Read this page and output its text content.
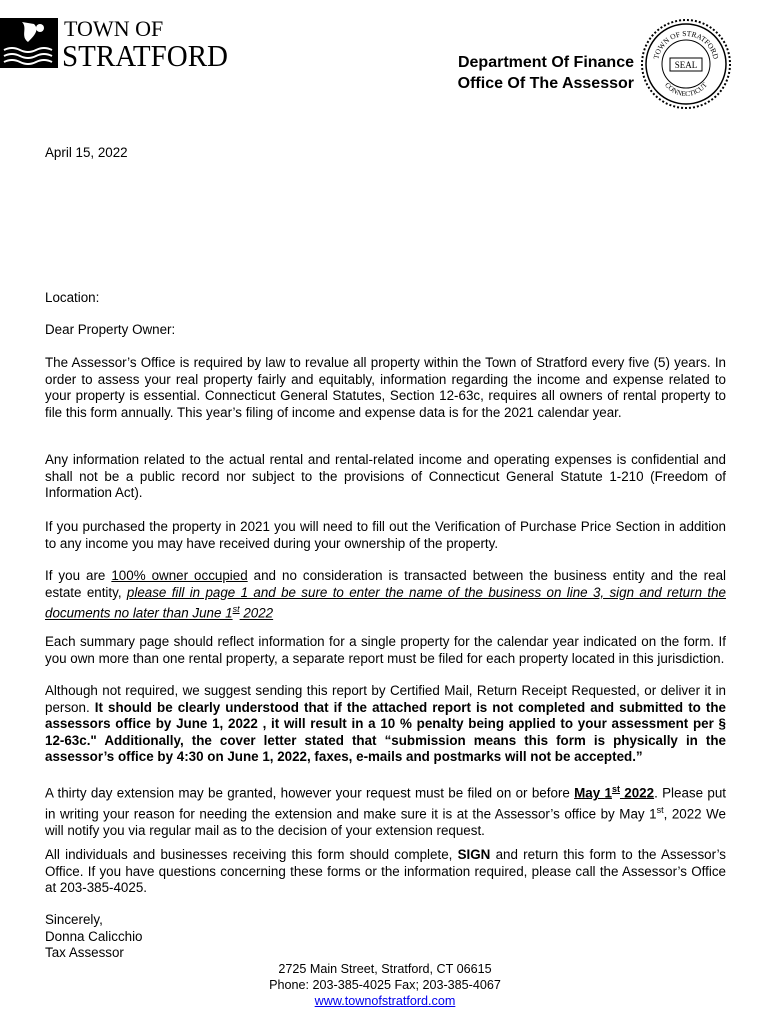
TOWN OF
STRATFORD	Department Of Finance
Office Of The Assessor
TOWN OF STRATFORD
CONNECTICUT
SEAL
April 15, 2022
Location:
Dear Property Owner:
The Assessor’s Office is required by law to revalue all property within the Town of Stratford every five (5) years. In order to assess your real property fairly and equitably, information regarding the income and expense related to your property is essential. Connecticut General Statutes, Section 12-63c, requires all owners of rental property to file this form annually. This year’s filing of income and expense data is for the 2021 calendar year.
Any information related to the actual rental and rental-related income and operating expenses is confidential and shall not be a public record nor subject to the provisions of Connecticut General Statute 1-210 (Freedom of Information Act).
If you purchased the property in 2021 you will need to fill out the Verification of Purchase Price Section in addition to any income you may have received during your ownership of the property.
If you are 100% owner occupied and no consideration is transacted between the business entity and the real estate entity, please fill in page 1 and be sure to enter the name of the business on line 3, sign and return the documents no later than June 1st 2022
Each summary page should reflect information for a single property for the calendar year indicated on the form. If you own more than one rental property, a separate report must be filed for each property located in this jurisdiction.
Although not required, we suggest sending this report by Certified Mail, Return Receipt Requested, or deliver it in person. It should be clearly understood that if the attached report is not completed and submitted to the assessors office by June 1, 2022 , it will result in a 10 % penalty being applied to your assessment per § 12-63c." Additionally, the cover letter stated that “submission means this form is physically in the assessor’s office by 4:30 on June 1, 2022, faxes, e-mails and postmarks will not be accepted.”
A thirty day extension may be granted, however your request must be filed on or before May 1st 2022. Please put in writing your reason for needing the extension and make sure it is at the Assessor’s office by May 1st, 2022 We will notify you via regular mail as to the decision of your extension request.
All individuals and businesses receiving this form should complete, SIGN and return this form to the Assessor’s Office. If you have questions concerning these forms or the information required, please call the Assessor’s Office at 203-385-4025.
Sincerely,
Donna Calicchio
Tax Assessor
2725 Main Street, Stratford, CT 06615
Phone: 203-385-4025 Fax; 203-385-4067
www.townofstratford.com
